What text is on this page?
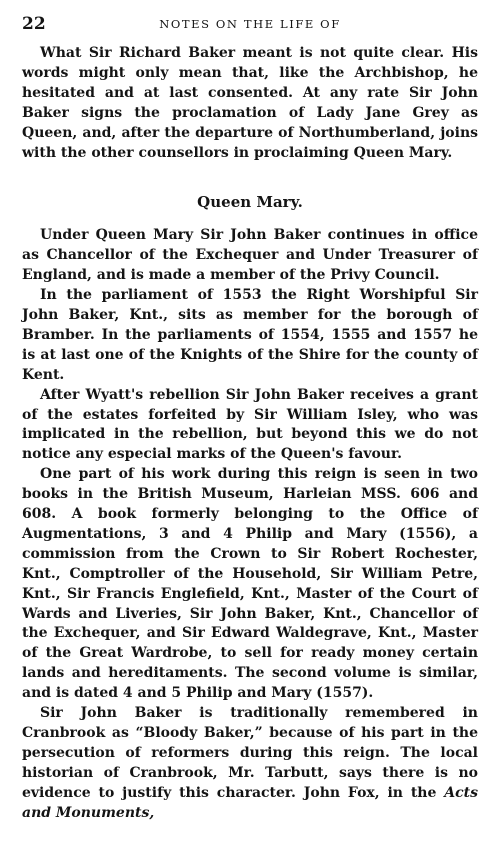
22	NOTES ON THE LIFE OF

What Sir Richard Baker meant is not quite clear. His words might only mean that, like the Archbishop, he hesitated and at last consented. At any rate Sir John Baker signs the proclamation of Lady Jane Grey as Queen, and, after the departure of Northumberland, joins with the other counsellors in proclaiming Queen Mary.

Queen Mary.

Under Queen Mary Sir John Baker continues in office as Chancellor of the Exchequer and Under Treasurer of England, and is made a member of the Privy Council.

In the parliament of 1553 the Right Worshipful Sir John Baker, Knt., sits as member for the borough of Bramber. In the parliaments of 1554, 1555 and 1557 he is at last one of the Knights of the Shire for the county of Kent.

After Wyatt's rebellion Sir John Baker receives a grant of the estates forfeited by Sir William Isley, who was implicated in the rebellion, but beyond this we do not notice any especial marks of the Queen's favour.

One part of his work during this reign is seen in two books in the British Museum, Harleian MSS. 606 and 608. A book formerly belonging to the Office of Augmentations, 3 and 4 Philip and Mary (1556), a commission from the Crown to Sir Robert Rochester, Knt., Comptroller of the Household, Sir William Petre, Knt., Sir Francis Englefield, Knt., Master of the Court of Wards and Liveries, Sir John Baker, Knt., Chancellor of the Exchequer, and Sir Edward Waldegrave, Knt., Master of the Great Wardrobe, to sell for ready money certain lands and hereditaments. The second volume is similar, and is dated 4 and 5 Philip and Mary (1557).

Sir John Baker is traditionally remembered in Cranbrook as “Bloody Baker,” because of his part in the persecution of reformers during this reign. The local historian of Cranbrook, Mr. Tarbutt, says there is no evidence to justify this character. John Fox, in the Acts and Monuments,
